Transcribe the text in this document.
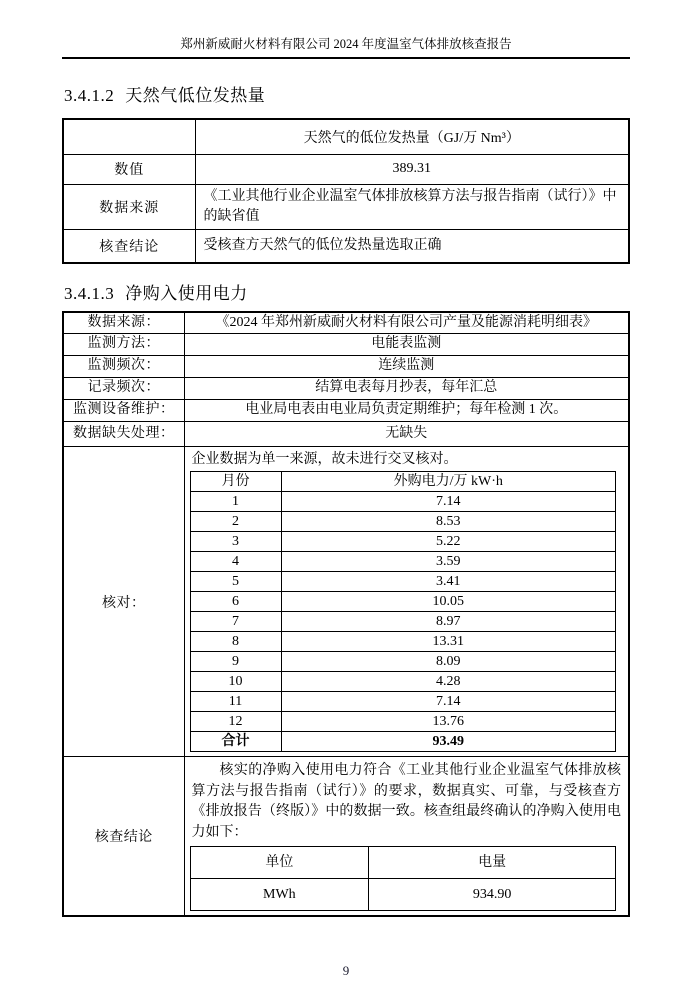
郑州新威耐火材料有限公司 2024 年度温室气体排放核查报告
3.4.1.2 天然气低位发热量
	天然气的低位发热量（GJ/万 Nm³）
数值	389.31
数据来源	《工业其他行业企业温室气体排放核算方法与报告指南（试行）》中的缺省值
核查结论	受核查方天然气的低位发热量选取正确
3.4.1.3 净购入使用电力
数据来源：	《2024 年郑州新威耐火材料有限公司产量及能源消耗明细表》
监测方法：	电能表监测
监测频次：	连续监测
记录频次：	结算电表每月抄表，每年汇总
监测设备维护：	电业局电表由电业局负责定期维护；每年检测 1 次。
数据缺失处理：	无缺失
核对：	
企业数据为单一来源，故未进行交叉核对。
月份	外购电力/万 kW·h
1	7.14
2	8.53
3	5.22
4	3.59
5	3.41
6	10.05
7	8.97
8	13.31
9	8.09
10	4.28
11	7.14
12	13.76
合计	93.49

核查结论	
核实的净购入使用电力符合《工业其他行业企业温室气体排放核算方法与报告指南（试行）》的要求，数据真实、可靠，与受核查方《排放报告（终版）》中的数据一致。核查组最终确认的净购入使用电力如下：
单位	电量
MWh	934.90
9
